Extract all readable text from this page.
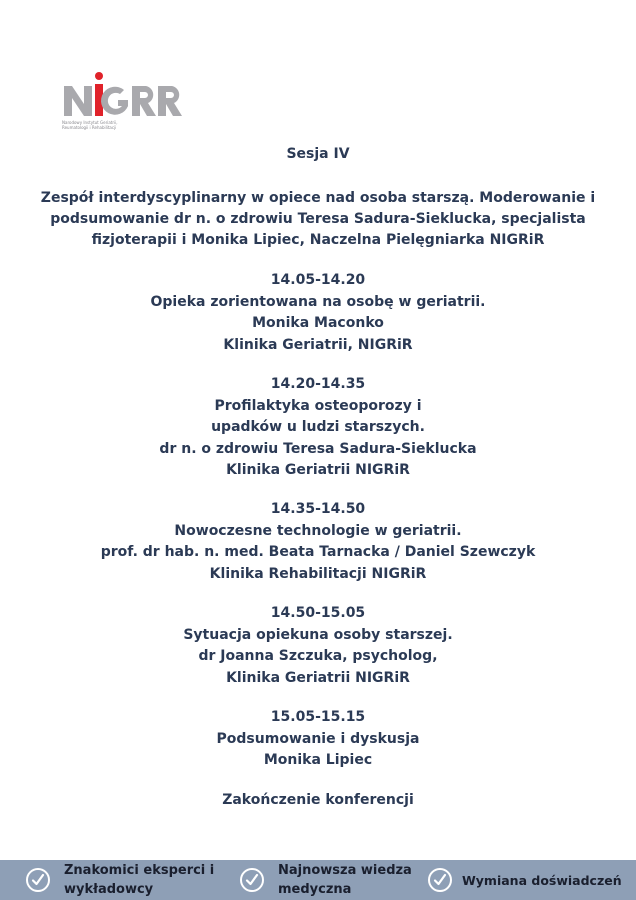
Narodowy Instytut Geriatrii,
Reumatologii i Rehabilitacji
Sesja IV
Zespół interdyscyplinarny w opiece nad osoba starszą. Moderowanie i
podsumowanie dr n. o zdrowiu Teresa Sadura-Sieklucka, specjalista
fizjoterapii i Monika Lipiec, Naczelna Pielęgniarka NIGRiR
14.05-14.20
Opieka zorientowana na osobę w geriatrii.
Monika Maconko
Klinika Geriatrii, NIGRiR
14.20-14.35
Profilaktyka osteoporozy i
upadków u ludzi starszych.
dr n. o zdrowiu Teresa Sadura-Sieklucka
Klinika Geriatrii NIGRiR
14.35-14.50
Nowoczesne technologie w geriatrii.
prof. dr hab. n. med. Beata Tarnacka / Daniel Szewczyk
Klinika Rehabilitacji NIGRiR
14.50-15.05
Sytuacja opiekuna osoby starszej.
dr Joanna Szczuka, psycholog,
Klinika Geriatrii NIGRiR
15.05-15.15
Podsumowanie i dyskusja
Monika Lipiec
Zakończenie konferencji
Znakomici eksperci i
wykładowcy
Najnowsza wiedza
medyczna
Wymiana doświadczeń
